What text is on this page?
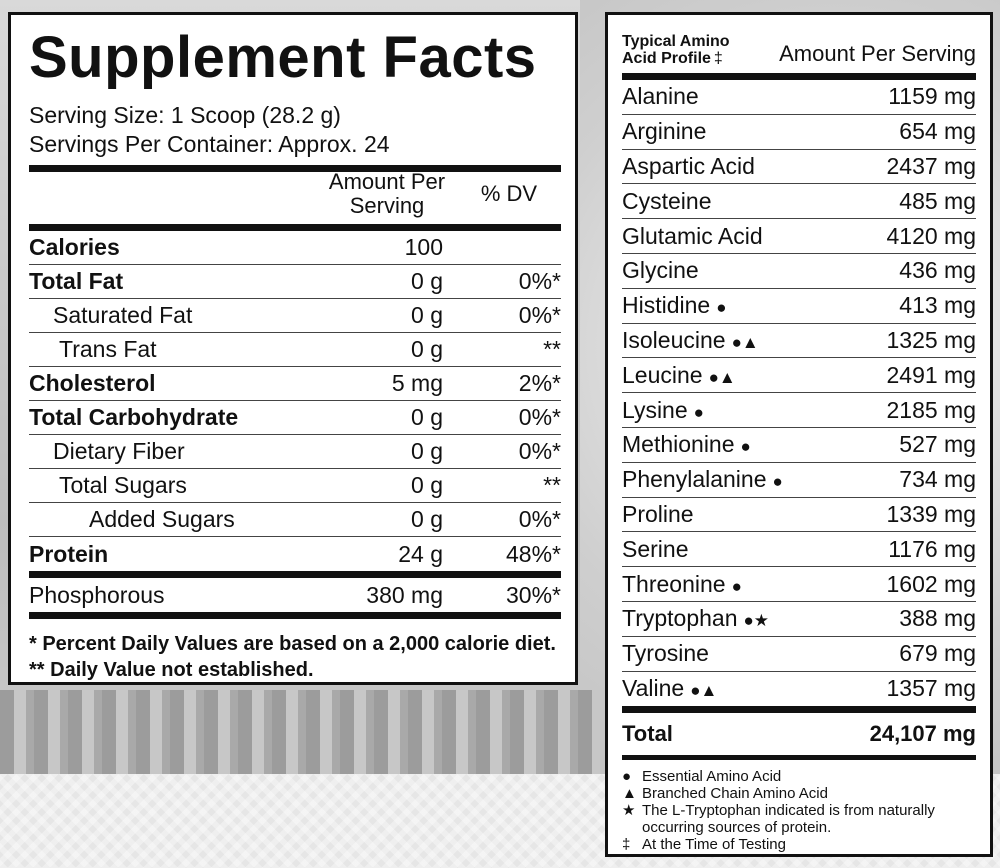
Supplement Facts
Serving Size: 1 Scoop (28.2 g)
Servings Per Container: Approx. 24
Amount Per
Serving	% DV
Calories	100
Total Fat	0 g	0%*
Saturated Fat	0 g	0%*
Trans Fat	0 g	**
Cholesterol	5 mg	2%*
Total Carbohydrate	0 g	0%*
Dietary Fiber	0 g	0%*
Total Sugars	0 g	**
Added Sugars	0 g	0%*
Protein	24 g	48%*
Phosphorous	380 mg	30%*
* Percent Daily Values are based on a 2,000 calorie diet.
** Daily Value not established.
Typical Amino
Acid Profile ‡	Amount Per Serving
Alanine	1159 mg
Arginine	654 mg
Aspartic Acid	2437 mg
Cysteine	485 mg
Glutamic Acid	4120 mg
Glycine	436 mg
Histidine ●	413 mg
Isoleucine ●▲	1325 mg
Leucine ●▲	2491 mg
Lysine ●	2185 mg
Methionine ●	527 mg
Phenylalanine ●	734 mg
Proline	1339 mg
Serine	1176 mg
Threonine ●	1602 mg
Tryptophan ●★	388 mg
Tyrosine	679 mg
Valine ●▲	1357 mg
Total	24,107 mg
● Essential Amino Acid
▲ Branched Chain Amino Acid
★ The L-Tryptophan indicated is from naturally occurring sources of protein.
‡ At the Time of Testing
